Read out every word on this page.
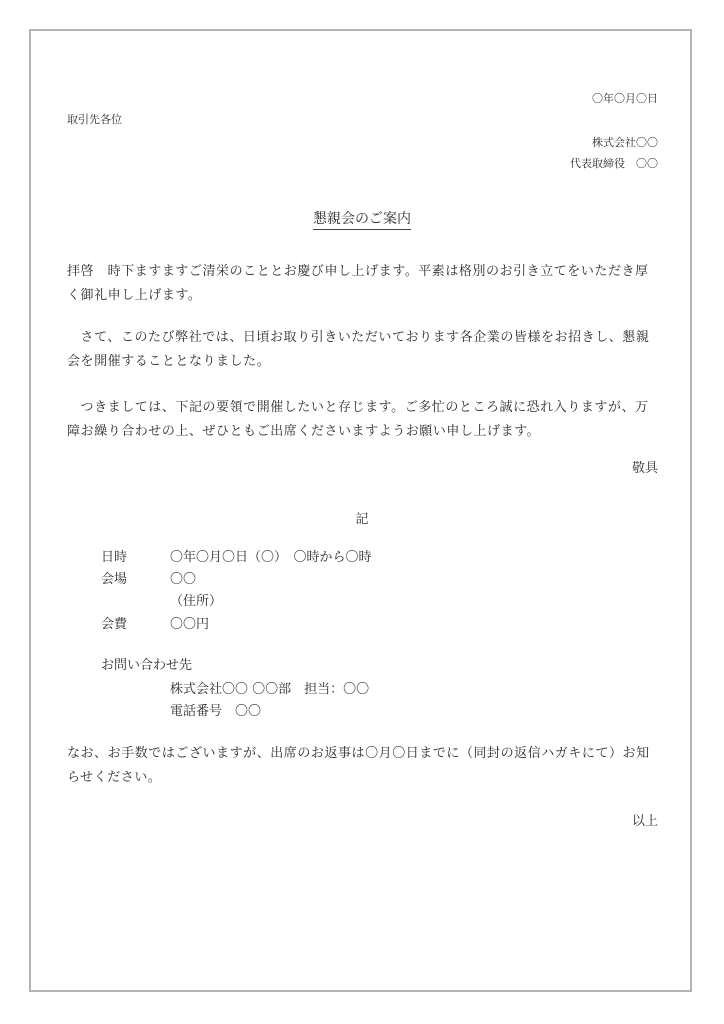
〇年〇月〇日
取引先各位
株式会社〇〇
代表取締役　〇〇
懇親会のご案内
拝啓　時下ますますご清栄のこととお慶び申し上げます。平素は格別のお引き立てをいただき厚く御礼申し上げます。
　さて、このたび弊社では、日頃お取り引きいただいております各企業の皆様をお招きし、懇親会を開催することとなりました。
　つきましては、下記の要領で開催したいと存じます。ご多忙のところ誠に恐れ入りますが、万障お繰り合わせの上、ぜひともご出席くださいますようお願い申し上げます。
敬具
記
日時	〇年〇月〇日（〇）　〇時から〇時
会場	〇〇
（住所）
会費	〇〇円
お問い合わせ先
株式会社〇〇 〇〇部　担当：〇〇
電話番号　〇〇
なお、お手数ではございますが、出席のお返事は〇月〇日までに（同封の返信ハガキにて）お知らせください。
以上
